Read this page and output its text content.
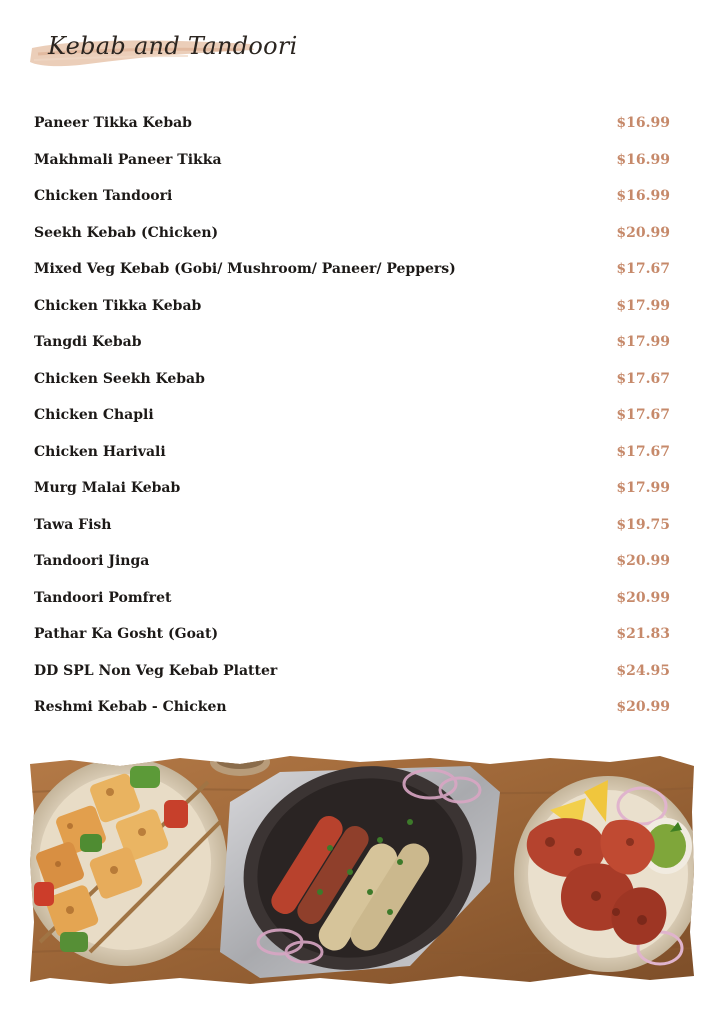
Kebab and Tandoori
Paneer Tikka Kebab	$16.99
Makhmali Paneer Tikka	$16.99
Chicken Tandoori	$16.99
Seekh Kebab (Chicken)	$20.99
Mixed Veg Kebab (Gobi/ Mushroom/ Paneer/ Peppers)	$17.67
Chicken Tikka Kebab	$17.99
Tangdi Kebab	$17.99
Chicken Seekh Kebab	$17.67
Chicken Chapli	$17.67
Chicken Harivali	$17.67
Murg Malai Kebab	$17.99
Tawa Fish	$19.75
Tandoori Jinga	$20.99
Tandoori Pomfret	$20.99
Pathar Ka Gosht (Goat)	$21.83
DD SPL Non Veg Kebab Platter	$24.95
Reshmi Kebab - Chicken	$20.99
